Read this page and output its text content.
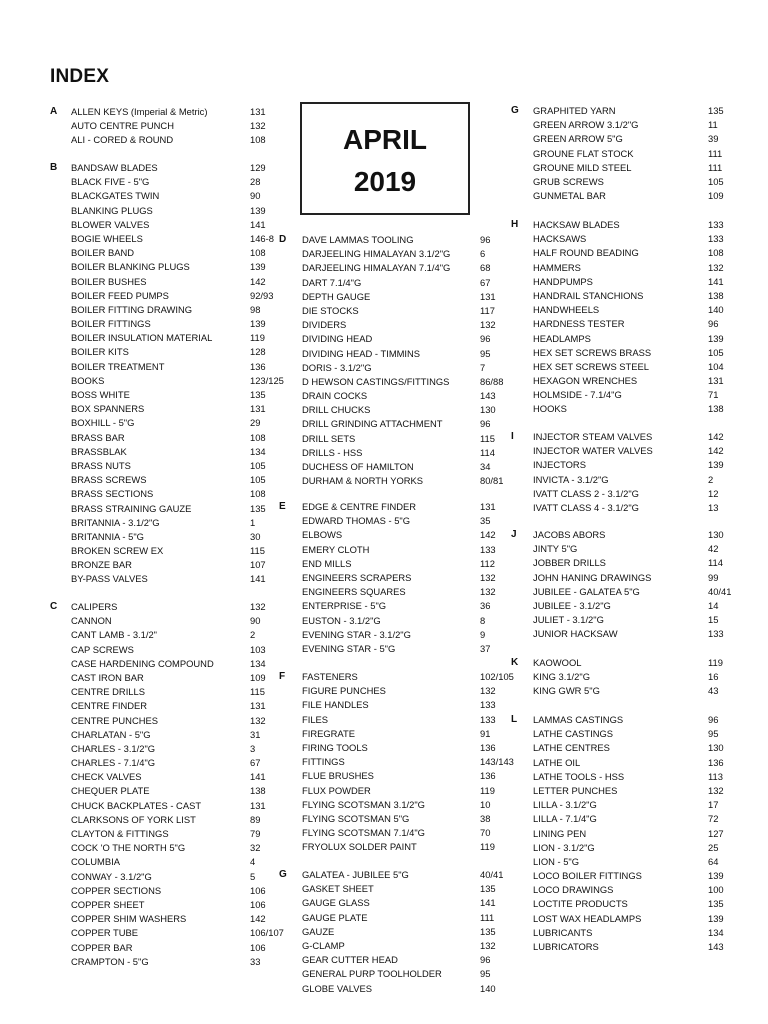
INDEX
APRIL
2019
A ALLEN KEYS (Imperial & Metric)	131
AUTO CENTRE PUNCH	132
ALI - CORED & ROUND	108
B BANDSAW BLADES	129
BLACK FIVE - 5"G	28
BLACKGATES TWIN	90
BLANKING PLUGS	139
BLOWER VALVES	141
BOGIE WHEELS	146-8
BOILER BAND	108
BOILER BLANKING PLUGS	139
BOILER BUSHES	142
BOILER FEED PUMPS	92/93
BOILER FITTING DRAWING	98
BOILER FITTINGS	139
BOILER INSULATION MATERIAL	119
BOILER KITS	128
BOILER TREATMENT	136
BOOKS	123/125
BOSS WHITE	135
BOX SPANNERS	131
BOXHILL - 5"G	29
BRASS BAR	108
BRASSBLAK	134
BRASS NUTS	105
BRASS SCREWS	105
BRASS SECTIONS	108
BRASS STRAINING GAUZE	135
BRITANNIA - 3.1/2"G	1
BRITANNIA - 5"G	30
BROKEN SCREW EX	115
BRONZE BAR	107
BY-PASS VALVES	141
C CALIPERS	132
CANNON	90
CANT LAMB - 3.1/2"	2
CAP SCREWS	103
CASE HARDENING COMPOUND	134
CAST IRON BAR	109
CENTRE DRILLS	115
CENTRE FINDER	131
CENTRE PUNCHES	132
CHARLATAN - 5"G	31
CHARLES - 3.1/2"G	3
CHARLES - 7.1/4"G	67
CHECK VALVES	141
CHEQUER PLATE	138
CHUCK BACKPLATES - CAST	131
CLARKSONS OF YORK LIST	89
CLAYTON & FITTINGS	79
COCK 'O THE NORTH 5"G	32
COLUMBIA	4
CONWAY - 3.1/2"G	5
COPPER SECTIONS	106
COPPER SHEET	106
COPPER SHIM WASHERS	142
COPPER TUBE	106/107
COPPER BAR	106
CRAMPTON - 5"G	33
D DAVE LAMMAS TOOLING	96
DARJEELING HIMALAYAN 3.1/2"G	6
DARJEELING HIMALAYAN 7.1/4"G	68
DART 7.1/4"G	67
DEPTH GAUGE	131
DIE STOCKS	117
DIVIDERS	132
DIVIDING HEAD	96
DIVIDING HEAD - TIMMINS	95
DORIS - 3.1/2"G	7
D HEWSON CASTINGS/FITTINGS	86/88
DRAIN COCKS	143
DRILL CHUCKS	130
DRILL GRINDING ATTACHMENT	96
DRILL SETS	115
DRILLS - HSS	114
DUCHESS OF HAMILTON	34
DURHAM & NORTH YORKS	80/81
E EDGE & CENTRE FINDER	131
EDWARD THOMAS - 5"G	35
ELBOWS	142
EMERY CLOTH	133
END MILLS	112
ENGINEERS SCRAPERS	132
ENGINEERS SQUARES	132
ENTERPRISE - 5"G	36
EUSTON - 3.1/2"G	8
EVENING STAR - 3.1/2"G	9
EVENING STAR - 5"G	37
F FASTENERS	102/105
FIGURE PUNCHES	132
FILE HANDLES	133
FILES	133
FIREGRATE	91
FIRING TOOLS	136
FITTINGS	143/143
FLUE BRUSHES	136
FLUX POWDER	119
FLYING SCOTSMAN 3.1/2"G	10
FLYING SCOTSMAN 5"G	38
FLYING SCOTSMAN 7.1/4"G	70
FRYOLUX SOLDER PAINT	119
G GALATEA - JUBILEE 5"G	40/41
GASKET SHEET	135
GAUGE GLASS	141
GAUGE PLATE	111
GAUZE	135
G-CLAMP	132
GEAR CUTTER HEAD	96
GENERAL PURP TOOLHOLDER	95
GLOBE VALVES	140
G GRAPHITED YARN	135
GREEN ARROW 3.1/2"G	11
GREEN ARROW 5"G	39
GROUNE FLAT STOCK	111
GROUNE MILD STEEL	111
GRUB SCREWS	105
GUNMETAL BAR	109
H HACKSAW BLADES	133
HACKSAWS	133
HALF ROUND BEADING	108
HAMMERS	132
HANDPUMPS	141
HANDRAIL STANCHIONS	138
HANDWHEELS	140
HARDNESS TESTER	96
HEADLAMPS	139
HEX SET SCREWS BRASS	105
HEX SET SCREWS STEEL	104
HEXAGON WRENCHES	131
HOLMSIDE - 7.1/4"G	71
HOOKS	138
I INJECTOR STEAM VALVES	142
INJECTOR WATER VALVES	142
INJECTORS	139
INVICTA - 3.1/2"G	2
IVATT CLASS 2 - 3.1/2"G	12
IVATT CLASS 4 - 3.1/2"G	13
J JACOBS ABORS	130
JINTY 5"G	42
JOBBER DRILLS	114
JOHN HANING DRAWINGS	99
JUBILEE - GALATEA 5"G	40/41
JUBILEE - 3.1/2"G	14
JULIET - 3.1/2"G	15
JUNIOR HACKSAW	133
K KAOWOOL	119
KING 3.1/2"G	16
KING GWR 5"G	43
L LAMMAS CASTINGS	96
LATHE CASTINGS	95
LATHE CENTRES	130
LATHE OIL	136
LATHE TOOLS - HSS	113
LETTER PUNCHES	132
LILLA - 3.1/2"G	17
LILLA - 7.1/4"G	72
LINING PEN	127
LION - 3.1/2"G	25
LION - 5"G	64
LOCO BOILER FITTINGS	139
LOCO DRAWINGS	100
LOCTITE PRODUCTS	135
LOST WAX HEADLAMPS	139
LUBRICANTS	134
LUBRICATORS	143
